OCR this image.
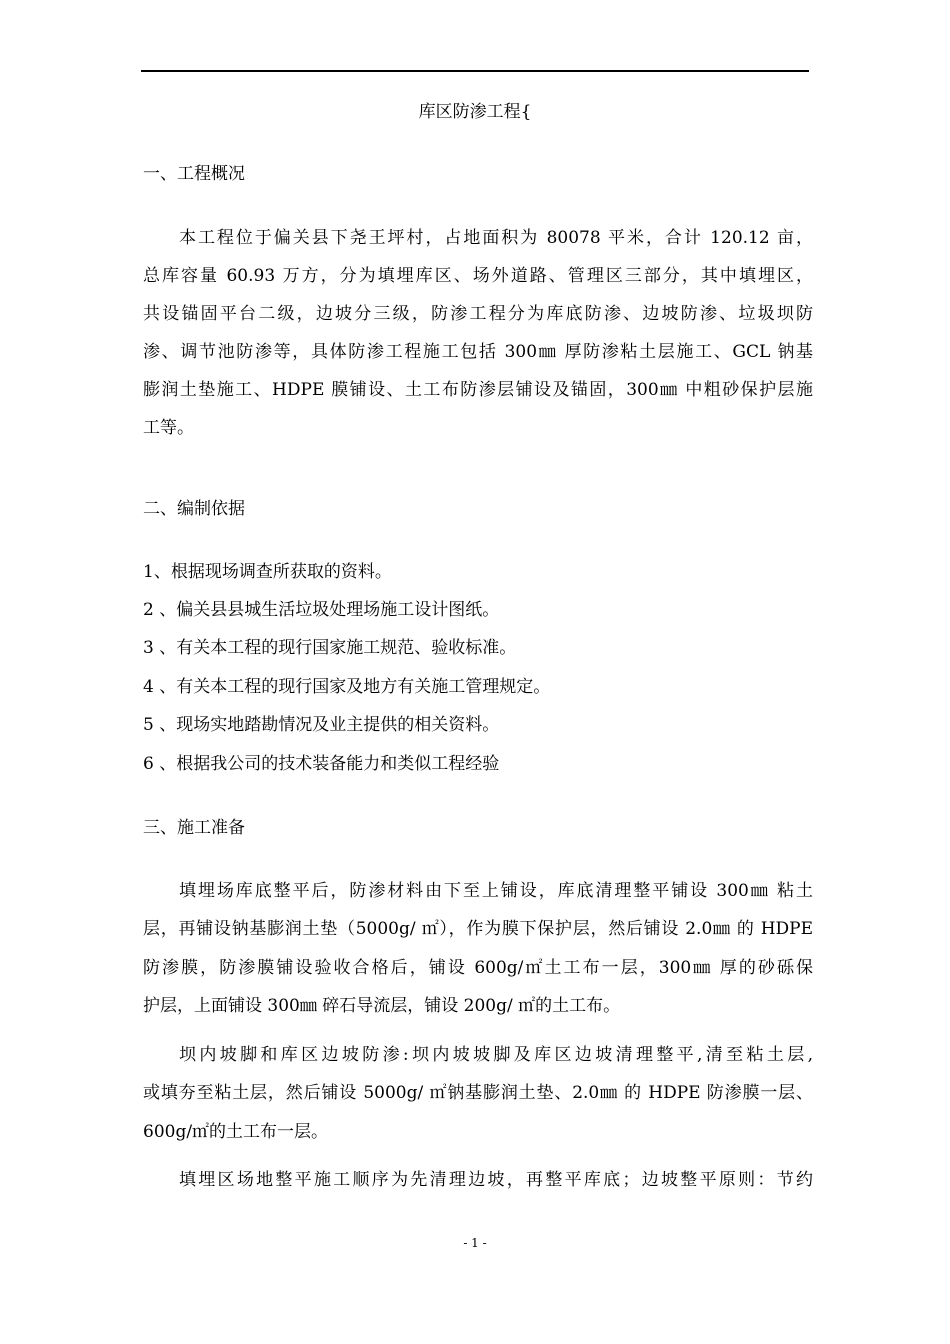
库区防渗工程{
一、工程概况
本工程位于偏关县下尧王坪村，占地面积为 80078 平米，合计 120.12 亩，
总库容量 60.93 万方，分为填埋库区、场外道路、管理区三部分，其中填埋区，
共设锚固平台二级，边坡分三级，防渗工程分为库底防渗、边坡防渗、垃圾坝防
渗、调节池防渗等，具体防渗工程施工包括 300㎜ 厚防渗粘土层施工、GCL 钠基
膨润土垫施工、HDPE 膜铺设、土工布防渗层铺设及锚固，300㎜ 中粗砂保护层施
工等。
二、编制依据
1、根据现场调查所获取的资料。
2 、偏关县县城生活垃圾处理场施工设计图纸。
3 、有关本工程的现行国家施工规范、验收标准。
4 、有关本工程的现行国家及地方有关施工管理规定。
5 、现场实地踏勘情况及业主提供的相关资料。
6 、根据我公司的技术装备能力和类似工程经验
三、施工准备
填埋场库底整平后，防渗材料由下至上铺设，库底清理整平铺设 300㎜ 粘土
层，再铺设钠基膨润土垫（5000g/ ㎡），作为膜下保护层，然后铺设 2.0㎜ 的 HDPE
防渗膜，防渗膜铺设验收合格后，铺设 600g/㎡土工布一层，300㎜ 厚的砂砾保
护层，上面铺设 300㎜ 碎石导流层，铺设 200g/ ㎡的土工布。
坝内坡脚和库区边坡防渗:坝内坡坡脚及库区边坡清理整平,清至粘土层,
或填夯至粘土层，然后铺设 5000g/ ㎡钠基膨润土垫、2.0㎜ 的 HDPE 防渗膜一层、
600g/㎡的土工布一层。
填埋区场地整平施工顺序为先清理边坡，再整平库底；边坡整平原则：节约
- 1 -
